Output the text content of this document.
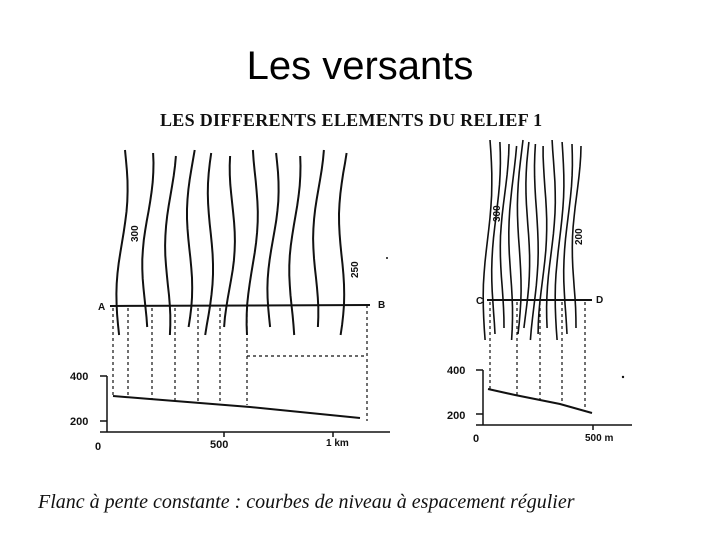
Les versants
LES DIFFERENTS ELEMENTS DU RELIEF 1
A	B
300
250
400
200
0	500	1 km
C	D
300
200
400
200
0	500 m
Flanc à pente constante : courbes de niveau à espacement régulier
